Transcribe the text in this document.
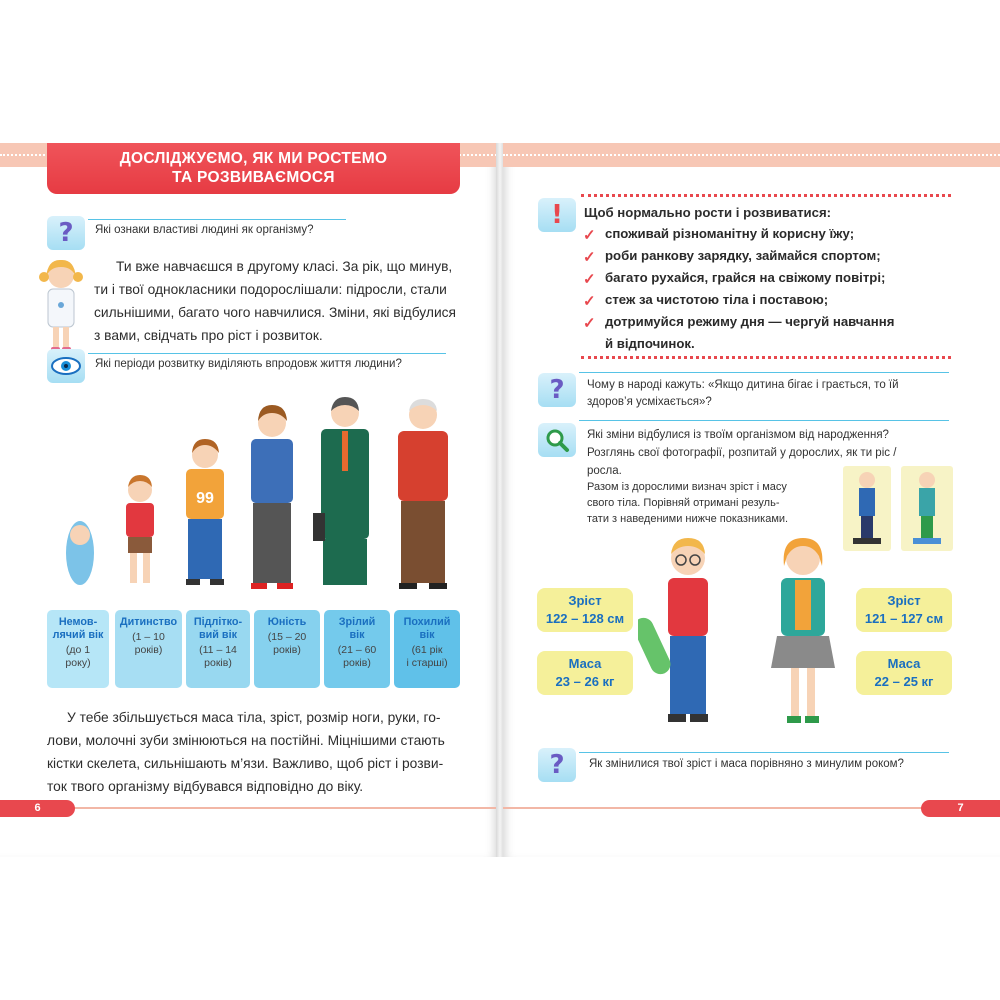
ДОСЛІДЖУЄМО, ЯК МИ РОСТЕМО
ТА РОЗВИВАЄМОСЯ
? Які ознаки властиві людині як організму?
Ти вже навчаєшся в другому класі. За рік, що минув,
ти і твої однокласники подорослішали: підросли, стали
сильнішими, багато чого навчилися. Зміни, які відбулися
з вами, свідчать про ріст і розвиток.
Які періоди розвитку виділяють впродовж життя людини?
99
Немов-
лячий вік
(до 1
року)
Дитинство
(1 – 10
років)
Підлітко-
вий вік
(11 – 14
років)
Юність
(15 – 20
років)
Зрілий
вік
(21 – 60
років)
Похилий
вік
(61 рік
і старші)
У тебе збільшується маса тіла, зріст, розмір ноги, руки, го-
лови, молочні зуби змінюються на постійні. Міцнішими стають
кістки скелета, сильнішають м’язи. Важливо, щоб ріст і розви-
ток твого організму відбувався відповідно до віку.
6
! Щоб нормально рости і розвиватися:
✓ споживай різноманітну й корисну їжу;
✓ роби ранкову зарядку, займайся спортом;
✓ багато рухайся, грайся на свіжому повітрі;
✓ стеж за чистотою тіла і поставою;
✓ дотримуйся режиму дня — чергуй навчання
й відпочинок.
? Чому в народі кажуть: «Якщо дитина бігає і грається, то їй
здоров’я усміхається»?
Які зміни відбулися із твоїм організмом від народження?
Розглянь свої фотографії, розпитай у дорослих, як ти ріс /
росла.
Разом із дорослими визнач зріст і масу
свого тіла. Порівняй отримані резуль-
тати з наведеними нижче показниками.
Зріст
122 – 128 см
Маса
23 – 26 кг
Зріст
121 – 127 см
Маса
22 – 25 кг
? Як змінилися твої зріст і маса порівняно з минулим роком?
7
